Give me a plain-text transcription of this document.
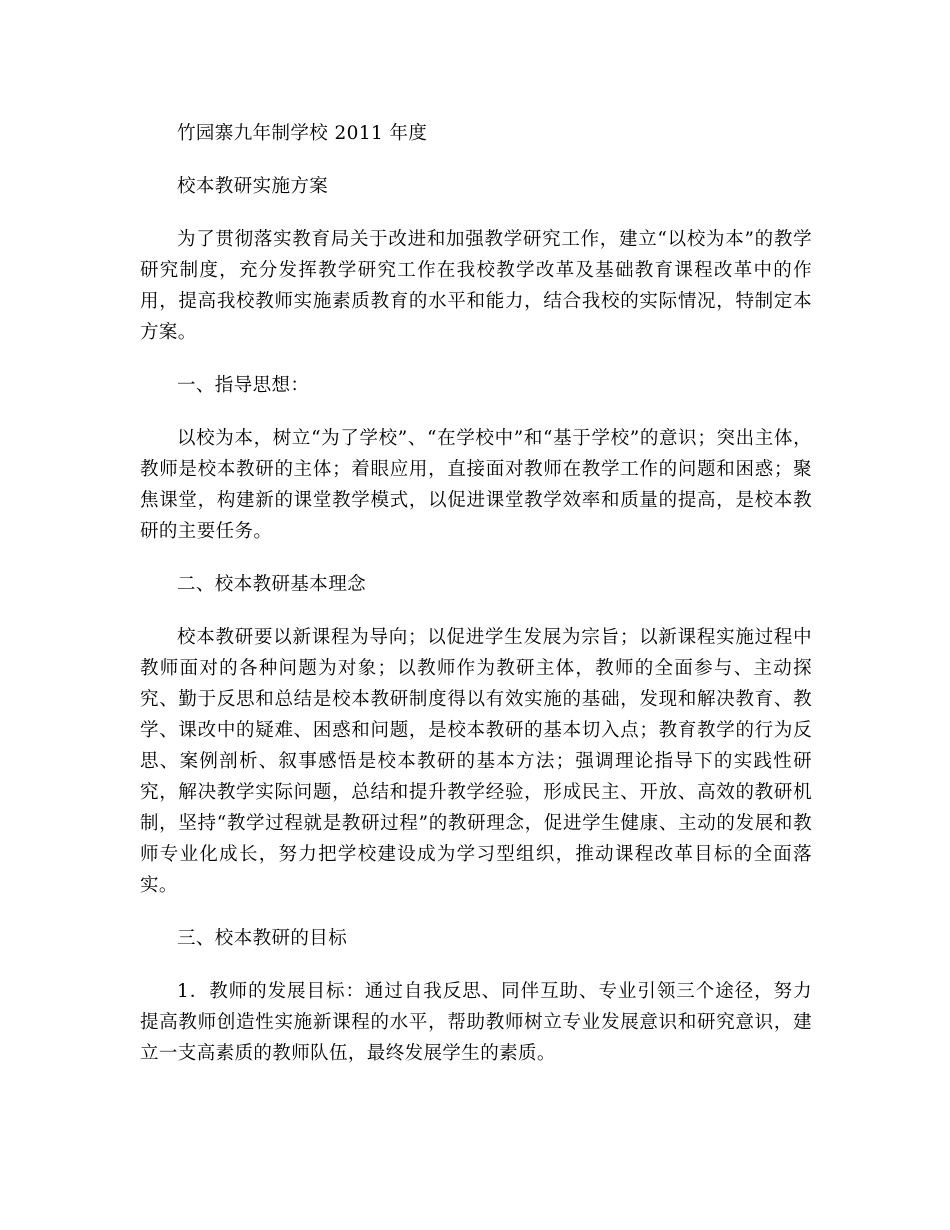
竹园寨九年制学校 2011 年度

校本教研实施方案

为了贯彻落实教育局关于改进和加强教学研究工作，建立“以校为本”的教学研究制度，充分发挥教学研究工作在我校教学改革及基础教育课程改革中的作用，提高我校教师实施素质教育的水平和能力，结合我校的实际情况，特制定本方案。

一、指导思想：

以校为本，树立“为了学校”、“在学校中”和“基于学校”的意识；突出主体，教师是校本教研的主体；着眼应用，直接面对教师在教学工作的问题和困惑；聚焦课堂，构建新的课堂教学模式，以促进课堂教学效率和质量的提高，是校本教研的主要任务。

二、校本教研基本理念

校本教研要以新课程为导向；以促进学生发展为宗旨；以新课程实施过程中教师面对的各种问题为对象；以教师作为教研主体，教师的全面参与、主动探究、勤于反思和总结是校本教研制度得以有效实施的基础，发现和解决教育、教学、课改中的疑难、困惑和问题，是校本教研的基本切入点；教育教学的行为反思、案例剖析、叙事感悟是校本教研的基本方法；强调理论指导下的实践性研究，解决教学实际问题，总结和提升教学经验，形成民主、开放、高效的教研机制，坚持“教学过程就是教研过程”的教研理念，促进学生健康、主动的发展和教师专业化成长，努力把学校建设成为学习型组织，推动课程改革目标的全面落实。

三、校本教研的目标

1．教师的发展目标：通过自我反思、同伴互助、专业引领三个途径，努力提高教师创造性实施新课程的水平，帮助教师树立专业发展意识和研究意识，建立一支高素质的教师队伍，最终发展学生的素质。
